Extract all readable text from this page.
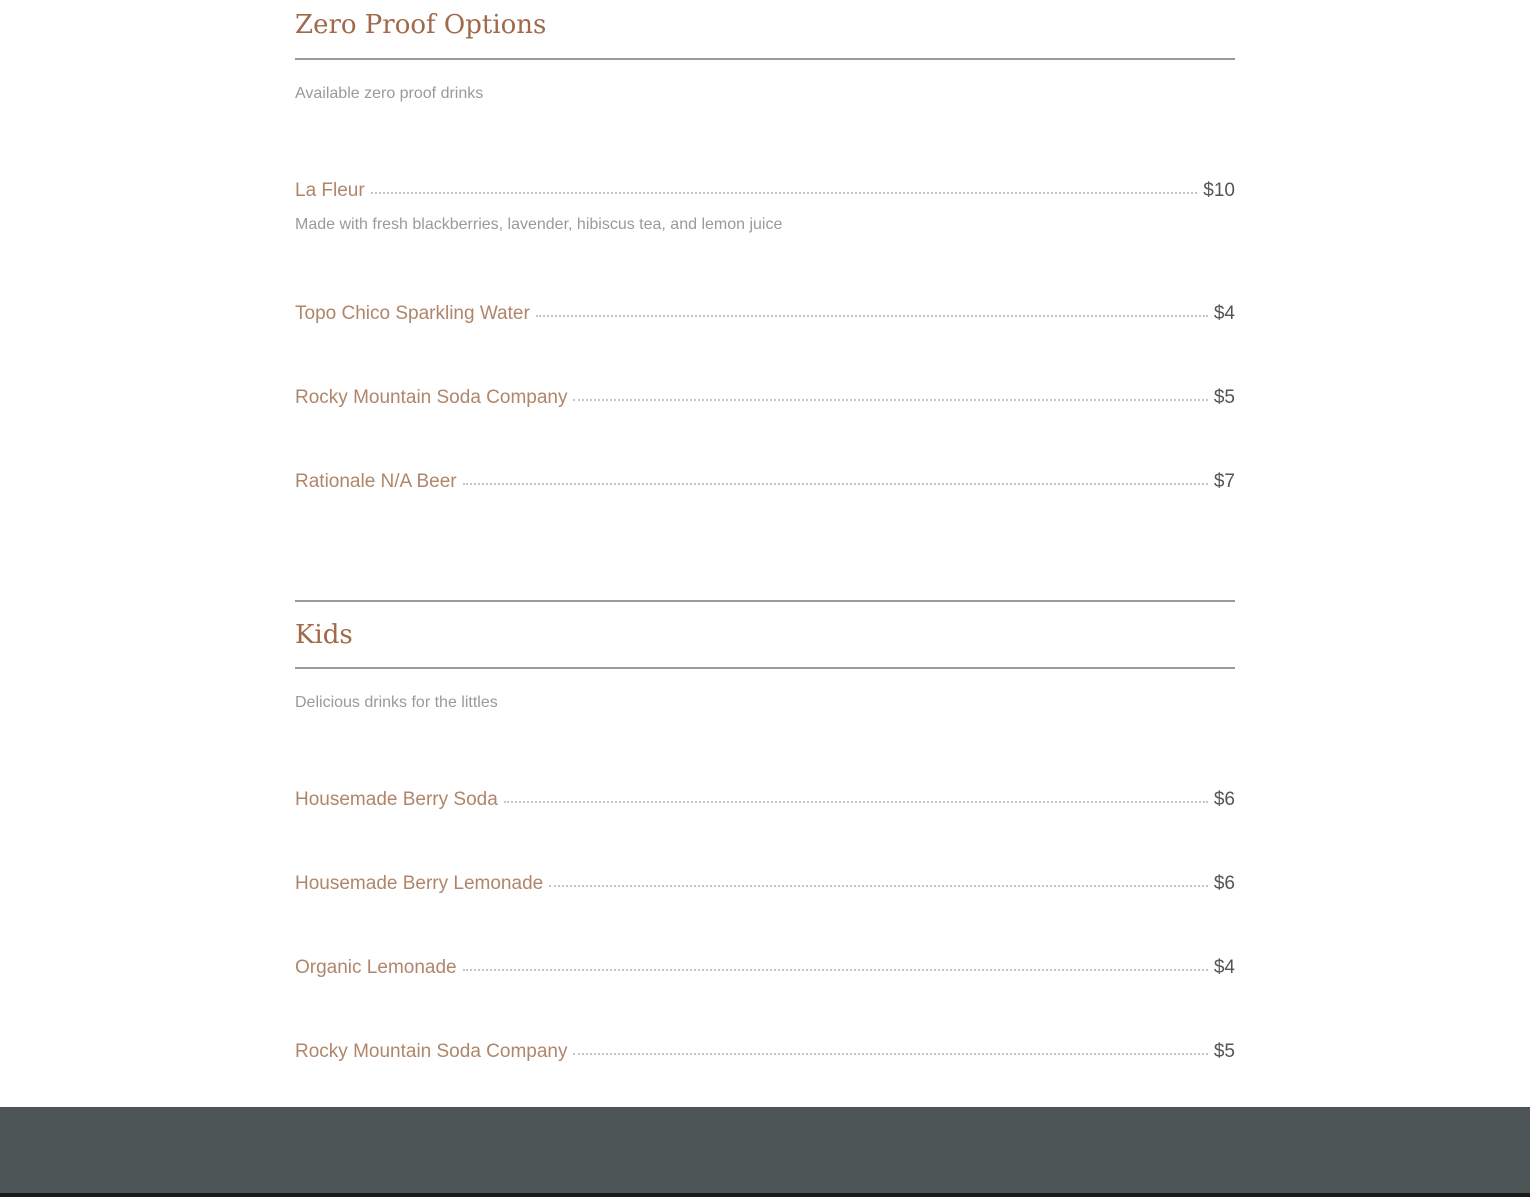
Zero Proof Options
Available zero proof drinks
La Fleur	$10
Made with fresh blackberries, lavender, hibiscus tea, and lemon juice
Topo Chico Sparkling Water	$4
Rocky Mountain Soda Company	$5
Rationale N/A Beer	$7
Kids
Delicious drinks for the littles
Housemade Berry Soda	$6
Housemade Berry Lemonade	$6
Organic Lemonade	$4
Rocky Mountain Soda Company	$5
